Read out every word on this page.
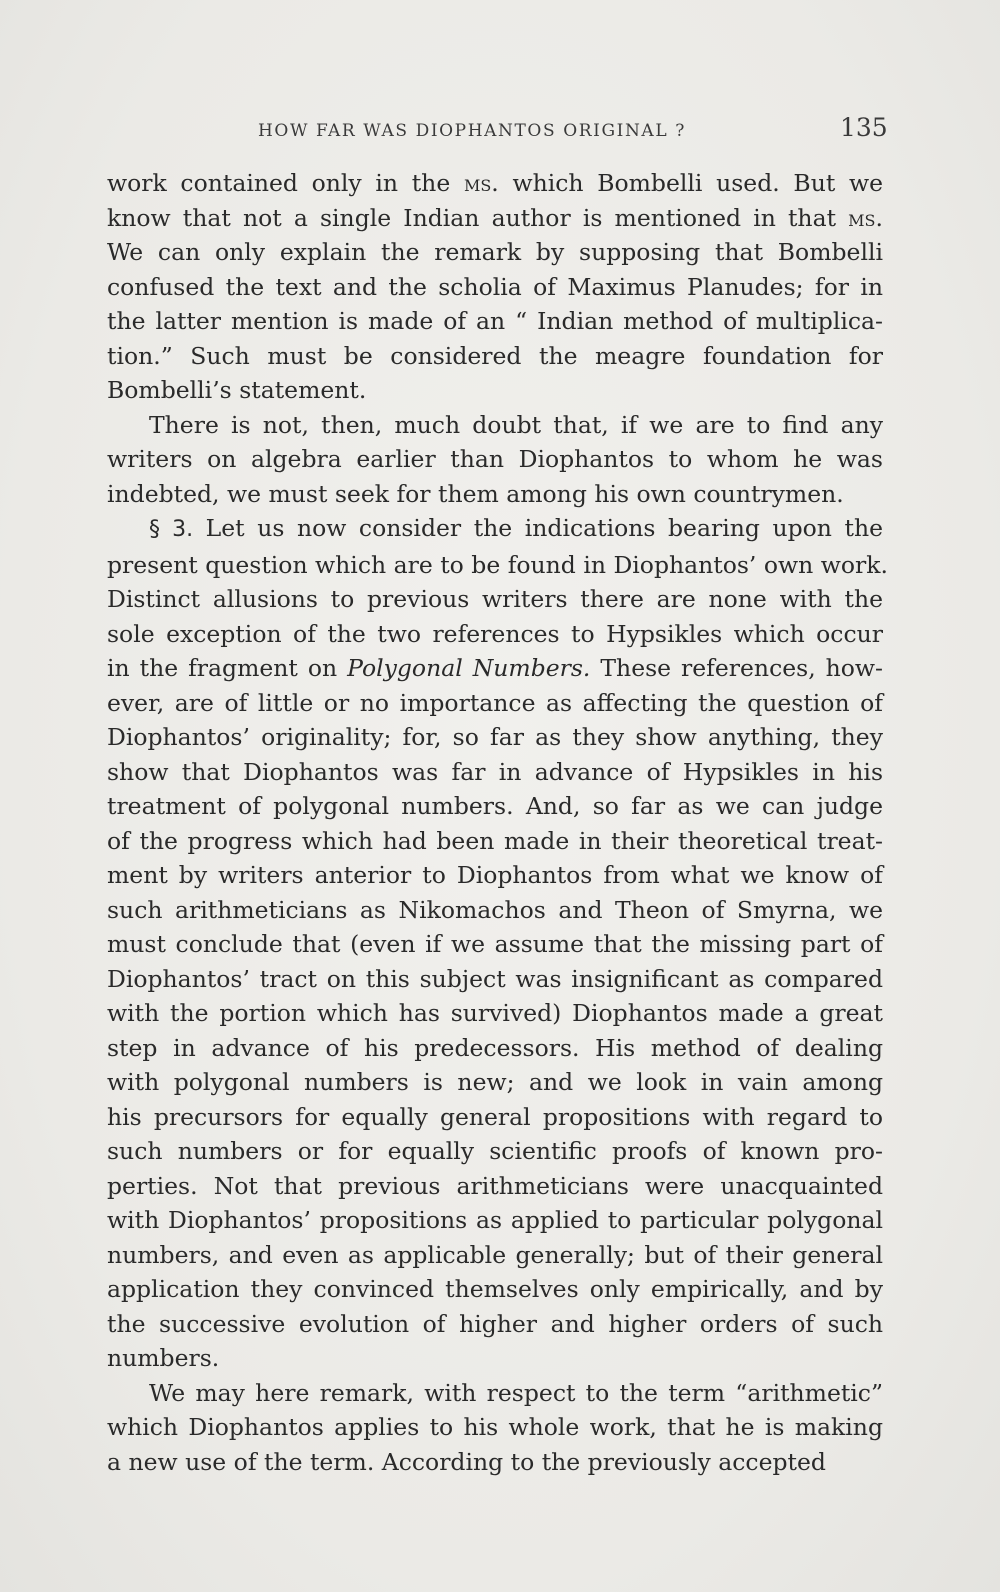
HOW FAR WAS DIOPHANTOS ORIGINAL ?	135
work contained only in the ms. which Bombelli used. But we
know that not a single Indian author is mentioned in that ms.
We can only explain the remark by supposing that Bombelli
confused the text and the scholia of Maximus Planudes; for in
the latter mention is made of an “ Indian method of multiplica-
tion.” Such must be considered the meagre foundation for
Bombelli’s statement.
There is not, then, much doubt that, if we are to find any
writers on algebra earlier than Diophantos to whom he was
indebted, we must seek for them among his own countrymen.
§ 3. Let us now consider the indications bearing upon the
present question which are to be found in Diophantos’ own work.
Distinct allusions to previous writers there are none with the
sole exception of the two references to Hypsikles which occur
in the fragment on Polygonal Numbers. These references, how-
ever, are of little or no importance as affecting the question of
Diophantos’ originality; for, so far as they show anything, they
show that Diophantos was far in advance of Hypsikles in his
treatment of polygonal numbers. And, so far as we can judge
of the progress which had been made in their theoretical treat-
ment by writers anterior to Diophantos from what we know of
such arithmeticians as Nikomachos and Theon of Smyrna, we
must conclude that (even if we assume that the missing part of
Diophantos’ tract on this subject was insignificant as compared
with the portion which has survived) Diophantos made a great
step in advance of his predecessors. His method of dealing
with polygonal numbers is new; and we look in vain among
his precursors for equally general propositions with regard to
such numbers or for equally scientific proofs of known pro-
perties. Not that previous arithmeticians were unacquainted
with Diophantos’ propositions as applied to particular polygonal
numbers, and even as applicable generally; but of their general
application they convinced themselves only empirically, and by
the successive evolution of higher and higher orders of such
numbers.
We may here remark, with respect to the term “arithmetic”
which Diophantos applies to his whole work, that he is making
a new use of the term. According to the previously accepted
